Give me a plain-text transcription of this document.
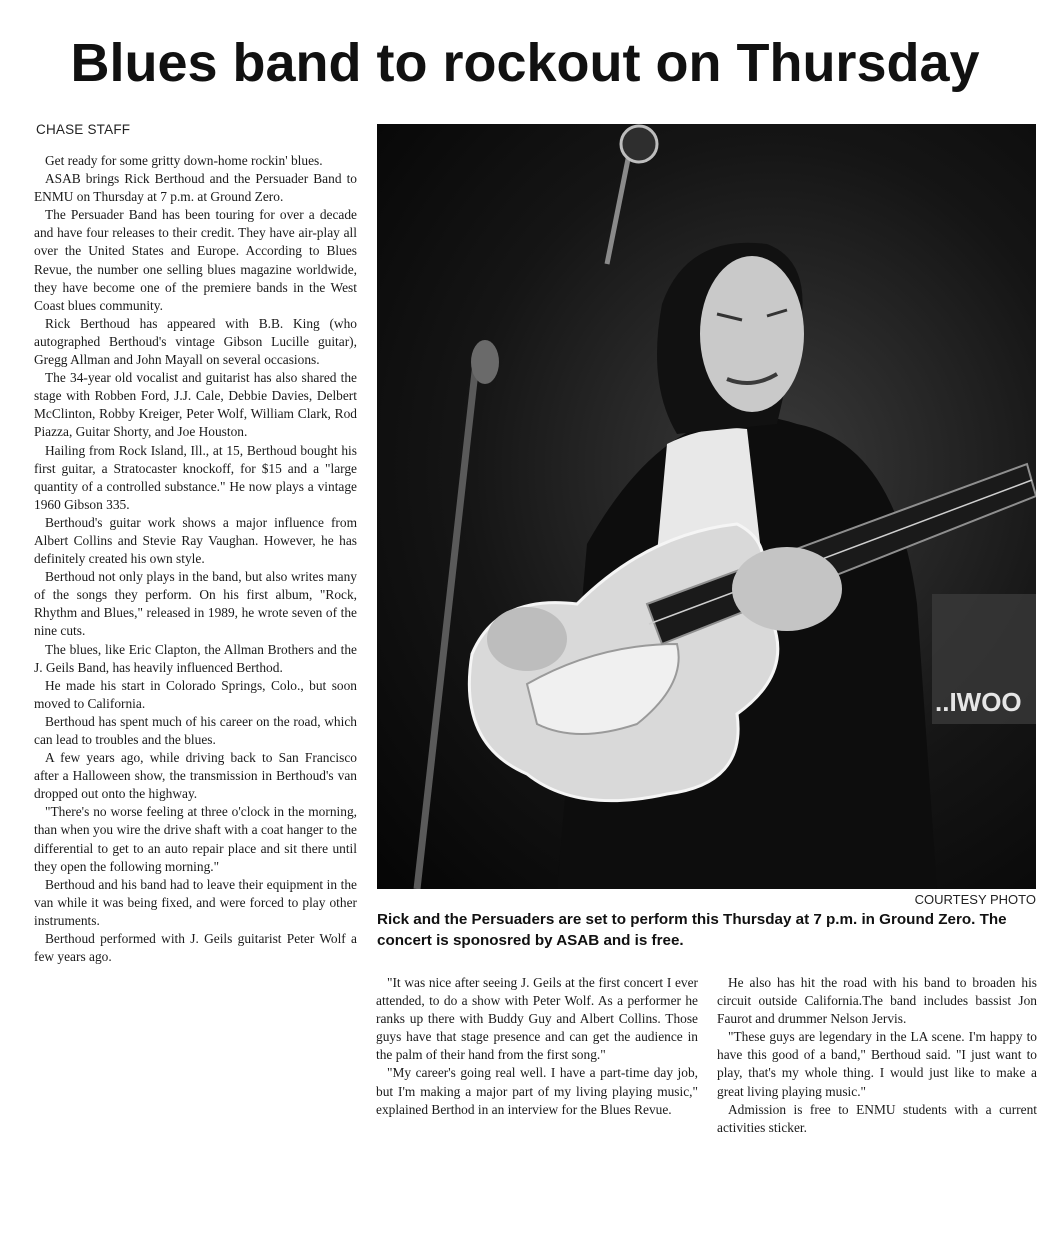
Blues band to rockout on Thursday
CHASE STAFF

Get ready for some gritty down-home rockin' blues.

ASAB brings Rick Berthoud and the Persuader Band to ENMU on Thursday at 7 p.m. at Ground Zero.

The Persuader Band has been touring for over a decade and have four releases to their credit. They have air-play all over the United States and Europe. According to Blues Revue, the number one selling blues magazine worldwide, they have become one of the premiere bands in the West Coast blues community.

Rick Berthoud has appeared with B.B. King (who autographed Berthoud's vintage Gibson Lucille guitar), Gregg Allman and John Mayall on several occasions.

The 34-year old vocalist and guitarist has also shared the stage with Robben Ford, J.J. Cale, Debbie Davies, Delbert McClinton, Robby Kreiger, Peter Wolf, William Clark, Rod Piazza, Guitar Shorty, and Joe Houston.

Hailing from Rock Island, Ill., at 15, Berthoud bought his first guitar, a Stratocaster knockoff, for $15 and a "large quantity of a controlled substance." He now plays a vintage 1960 Gibson 335.

Berthoud's guitar work shows a major influence from Albert Collins and Stevie Ray Vaughan. However, he has definitely created his own style.

Berthoud not only plays in the band, but also writes many of the songs they perform. On his first album, "Rock, Rhythm and Blues," released in 1989, he wrote seven of the nine cuts.

The blues, like Eric Clapton, the Allman Brothers and the J. Geils Band, has heavily influenced Berthod.

He made his start in Colorado Springs, Colo., but soon moved to California.

Berthoud has spent much of his career on the road, which can lead to troubles and the blues.

A few years ago, while driving back to San Francisco after a Halloween show, the transmission in Berthoud's van dropped out onto the highway.

"There's no worse feeling at three o'clock in the morning, than when you wire the drive shaft with a coat hanger to the differential to get to an auto repair place and sit there until they open the following morning."

Berthoud and his band had to leave their equipment in the van while it was being fixed, and were forced to play other instruments.

Berthoud performed with J. Geils guitarist Peter Wolf a few years ago.

..IWOO
COURTESY PHOTO
Rick and the Persuaders are set to perform this Thursday at 7 p.m. in Ground Zero. The concert is sponosred by ASAB and is free.

"It was nice after seeing J. Geils at the first concert I ever attended, to do a show with Peter Wolf. As a performer he ranks up there with Buddy Guy and Albert Collins. Those guys have that stage presence and can get the audience in the palm of their hand from the first song."

"My career's going real well. I have a part-time day job, but I'm making a major part of my living playing music," explained Berthod in an interview for the Blues Revue.

He also has hit the road with his band to broaden his circuit outside California.The band includes bassist Jon Faurot and drummer Nelson Jervis.

"These guys are legendary in the LA scene. I'm happy to have this good of a band," Berthoud said. "I just want to play, that's my whole thing. I would just like to make a great living playing music."

Admission is free to ENMU students with a current activities sticker.
